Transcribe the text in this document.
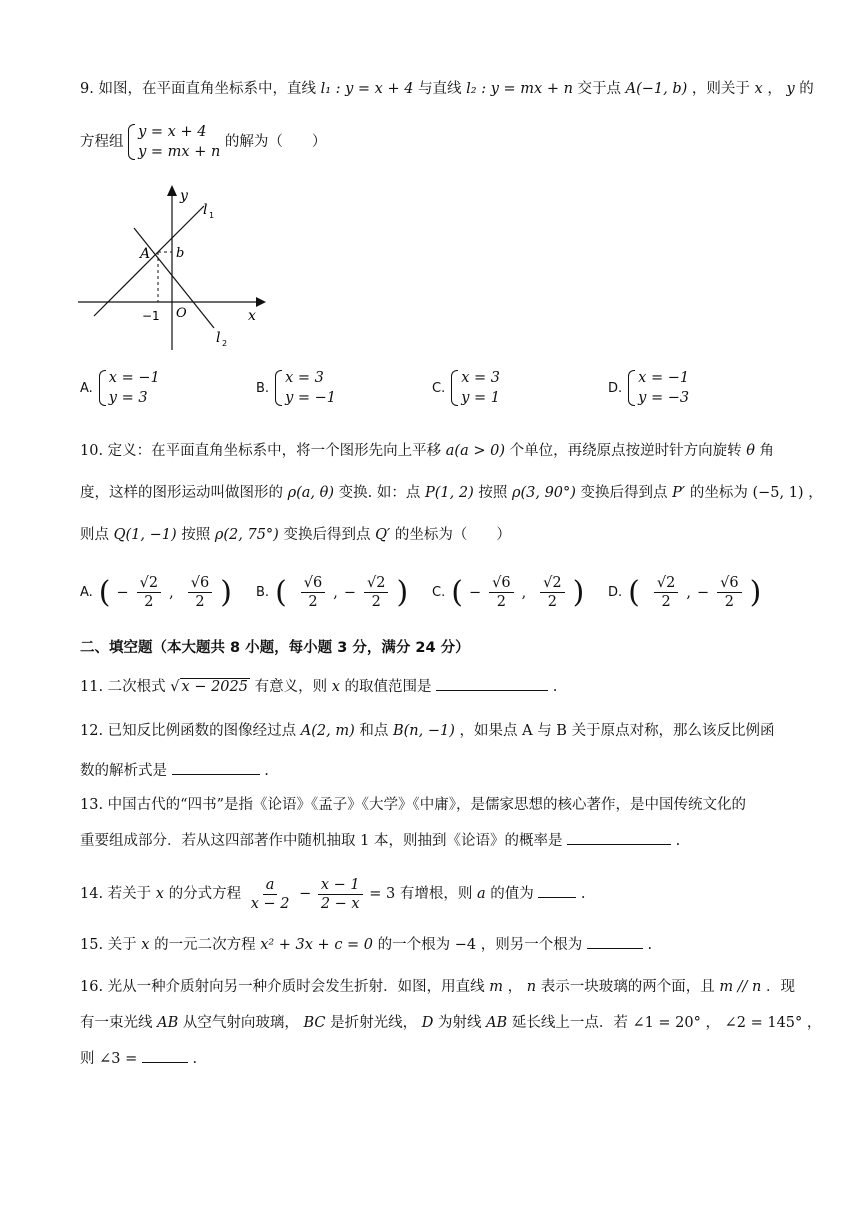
9. 如图，在平面直角坐标系中，直线 l₁ : y = x + 4 与直线 l₂ : y = mx + n 交于点 A(−1, b) ，则关于 x ， y 的
方程组
y = x + 4
y = mx + n
的解为（　　）
y
x
O
A b
−1
l 1
l 2
A.
x = −1
y = 3
B.
x = 3
y = −1
C.
x = 3
y = 1
D.
x = −1
y = −3
10. 定义：在平面直角坐标系中，将一个图形先向上平移 a(a > 0) 个单位，再绕原点按逆时针方向旋转 θ 角
度，这样的图形运动叫做图形的 ρ(a, θ) 变换. 如：点 P(1, 2) 按照 ρ(3, 90°) 变换后得到点 P′ 的坐标为 (−5, 1) ，
则点 Q(1, −1) 按照 ρ(2, 75°) 变换后得到点 Q′ 的坐标为（　　）
A. ( − $\frac{√2}{2}$ , $\frac{√6}{2}$ ) B. ( $\frac{√6}{2}$ , − $\frac{√2}{2}$ ) C. ( − $\frac{√6}{2}$ , $\frac{√2}{2}$ ) D. ( $\frac{√2}{2}$ , − $\frac{√6}{2}$ )
二、填空题（本大题共 8 小题，每小题 3 分，满分 24 分）
11. 二次根式 √ x − 2025 有意义，则 x 的取值范围是	.
12. 已知反比例函数的图像经过点 A(2, m) 和点 B(n, −1) ，如果点 A 与 B 关于原点对称，那么该反比例函
数的解析式是	.
13. 中国古代的“四书”是指《论语》《孟子》《大学》《中庸》，是儒家思想的核心著作，是中国传统文化的
重要组成部分．若从这四部著作中随机抽取 1 本，则抽到《论语》的概率是	.
14. 若关于 x 的分式方程 $\frac{a}{x - 2} - \frac{x - 1}{2 - x} = 3$ 有增根，则 a 的值为	.
15. 关于 x 的一元二次方程 x² + 3x + c = 0 的一个根为 −4 ，则另一个根为	.
16. 光从一种介质射向另一种介质时会发生折射．如图，用直线 m ， n 表示一块玻璃的两个面，且 m // n ．现
有一束光线 AB 从空气射向玻璃， BC 是折射光线， D 为射线 AB 延长线上一点．若 ∠1 = 20° ， ∠2 = 145° ，
则 ∠3 =	.
